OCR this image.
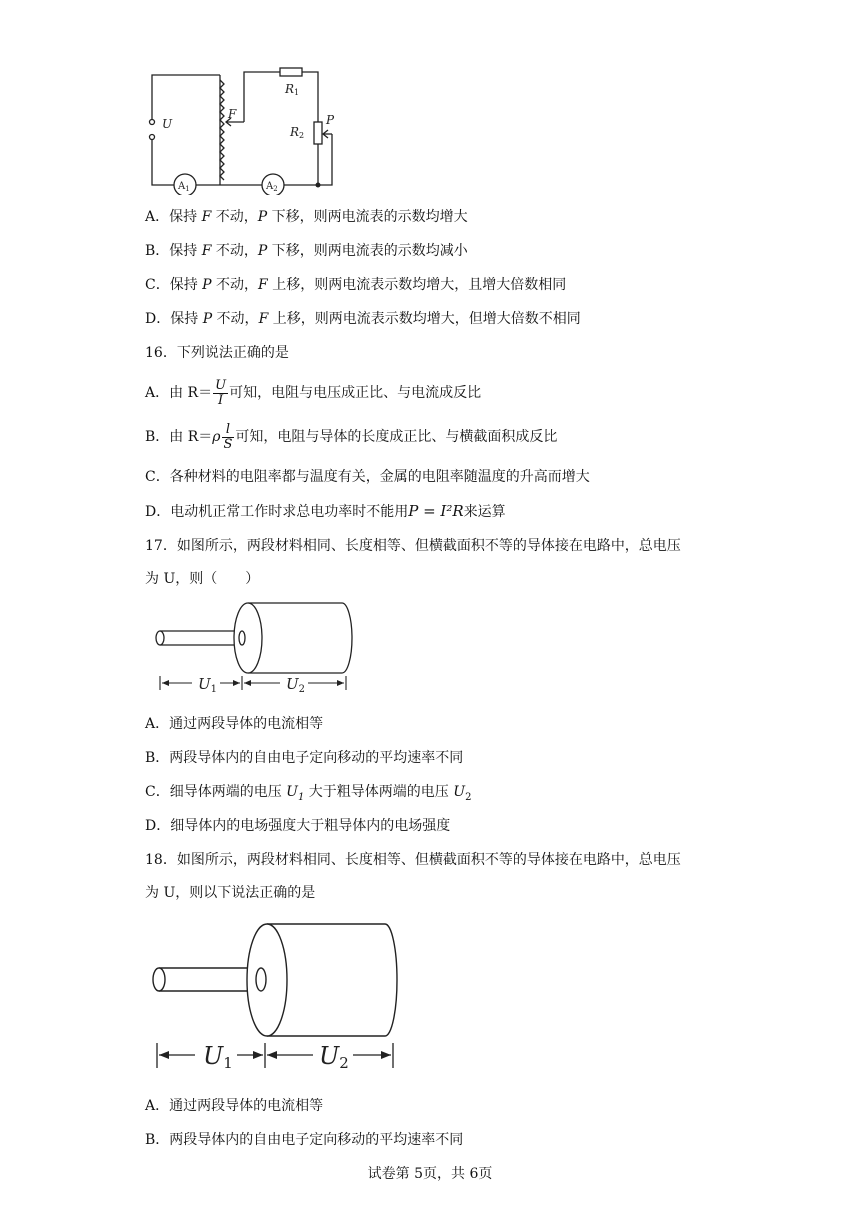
U
F
R1
R2
P
$A_1$	$A_2$
A．保持 F 不动，P 下移，则两电流表的示数均增大
B．保持 F 不动，P 下移，则两电流表的示数均减小
C．保持 P 不动，F 上移，则两电流表示数均增大，且增大倍数相同
D．保持 P 不动，F 上移，则两电流表示数均增大，但增大倍数不相同
16．下列说法正确的是
A．由 $R= \frac{U}{I}$ 可知，电阻与电压成正比、与电流成反比
B．由 $R=\rho \frac{l}{S}$ 可知，电阻与导体的长度成正比、与横截面积成反比
C．各种材料的电阻率都与温度有关，金属的电阻率随温度的升高而增大
D．电动机正常工作时求总电功率时不能用P = I²R来运算
17．如图所示，两段材料相同、长度相等、但横截面积不等的导体接在电路中，总电压
为 U，则（　　）
$U_1$	$U_2$
A．通过两段导体的电流相等
B．两段导体内的自由电子定向移动的平均速率不同
C．细导体两端的电压 $U_1$ 大于粗导体两端的电压 $U_2$
D．细导体内的电场强度大于粗导体内的电场强度
18．如图所示，两段材料相同、长度相等、但横截面积不等的导体接在电路中，总电压
为 U，则以下说法正确的是
U1	U2
A．通过两段导体的电流相等
B．两段导体内的自由电子定向移动的平均速率不同
试卷第 5页，共 6页
